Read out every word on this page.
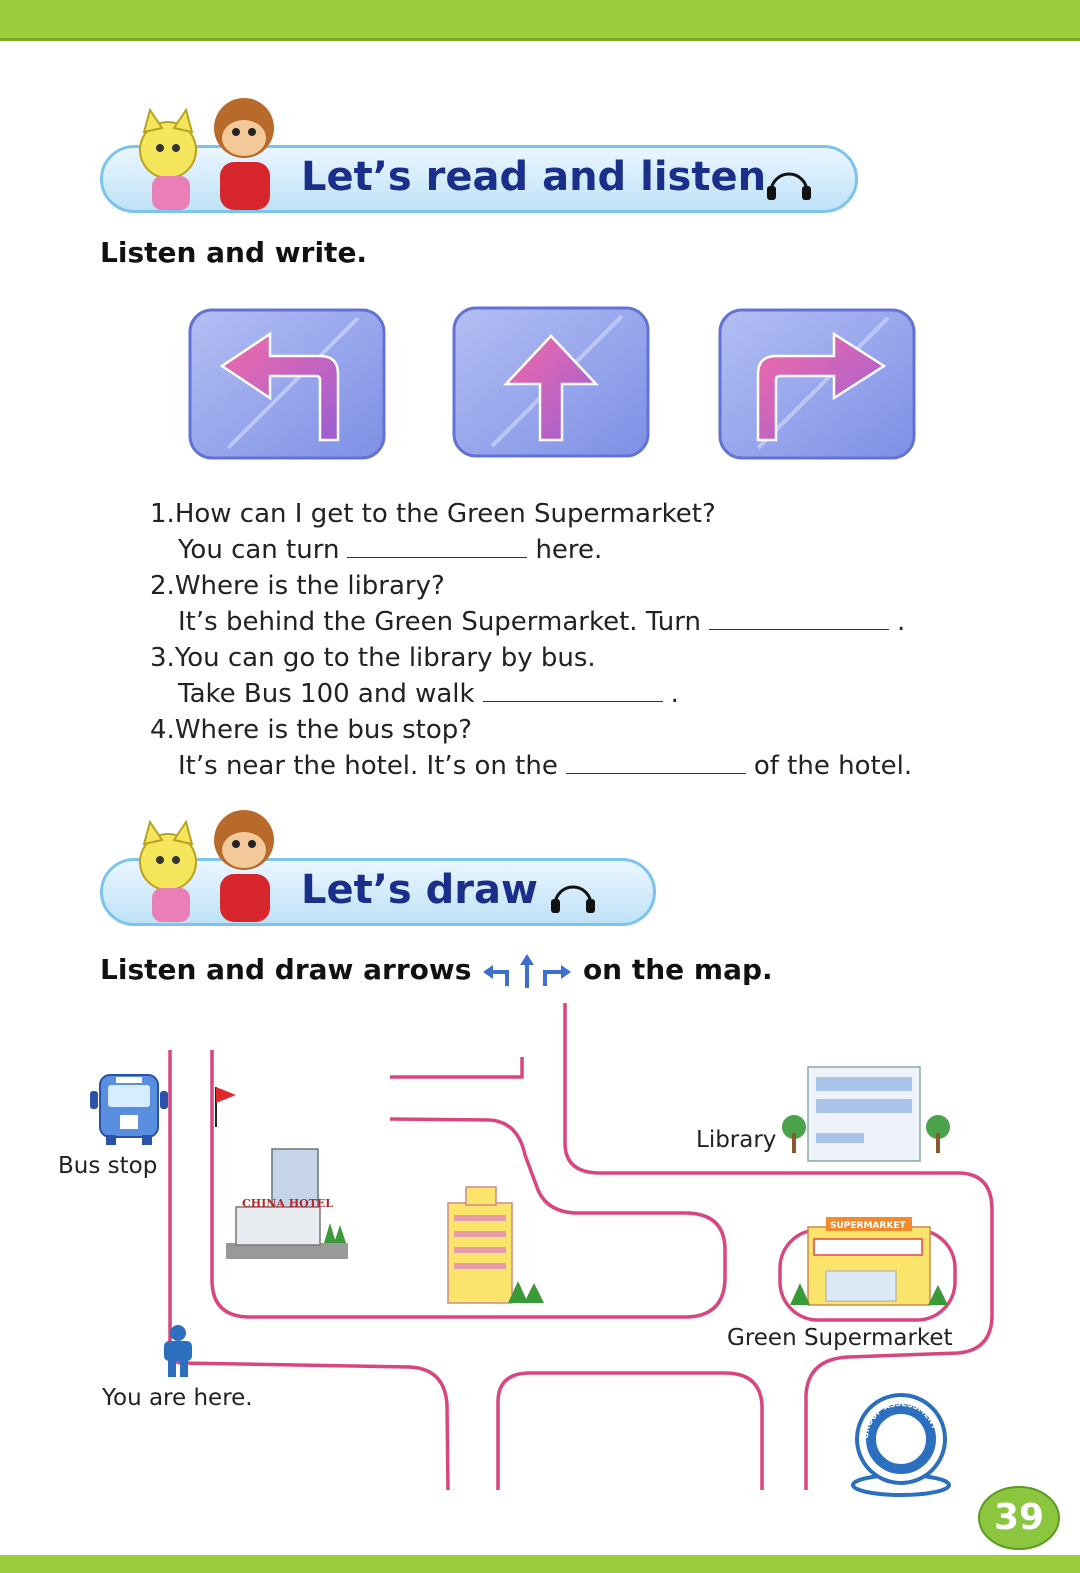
Let’s read and listen
Listen and write.
1.How can I get to the Green Supermarket?
You can turn	here.
2.Where is the library?
It’s behind the Green Supermarket. Turn	.
3.You can go to the library by bus.
Take Bus 100 and walk	.
4.Where is the bus stop?
It’s near the hotel. It’s on the	of the hotel.
Let’s draw
Listen and draw arrows	on the map.
Bus stop
CHINA HOTEL
Library
SUPERMARKET
Green Supermarket
You are here.
GROUP ASSESSMENT
39
